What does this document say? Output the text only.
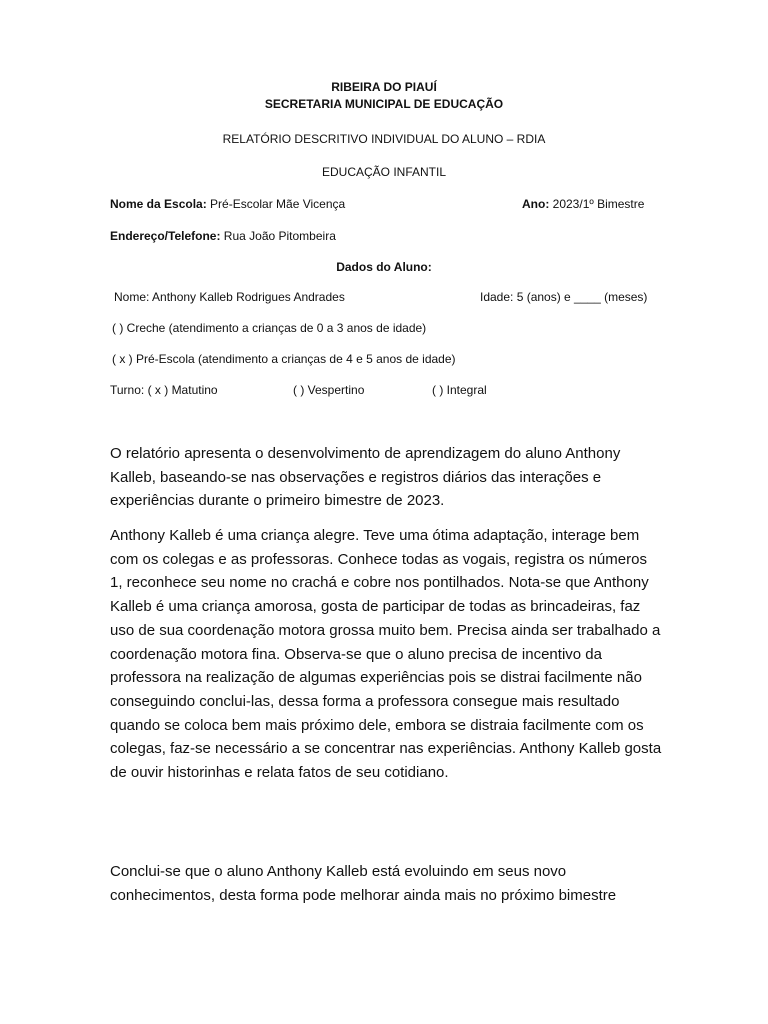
RIBEIRA DO PIAUÍ
SECRETARIA MUNICIPAL DE EDUCAÇÃO
RELATÓRIO DESCRITIVO INDIVIDUAL DO ALUNO – RDIA
EDUCAÇÃO INFANTIL
Nome da Escola: Pré-Escolar Mãe Vicença	Ano: 2023/1º Bimestre
Endereço/Telefone: Rua João Pitombeira
Dados do Aluno:
Nome: Anthony Kalleb Rodrigues Andrades	Idade: 5 (anos) e ____ (meses)
( ) Creche (atendimento a crianças de 0 a 3 anos de idade)
( x ) Pré-Escola (atendimento a crianças de 4 e 5 anos de idade)
Turno: ( x ) Matutino	( ) Vespertino	( ) Integral

O relatório apresenta o desenvolvimento de aprendizagem do aluno Anthony Kalleb, baseando-se nas observações e registros diários das interações e experiências durante o primeiro bimestre de 2023.

Anthony Kalleb é uma criança alegre. Teve uma ótima adaptação, interage bem com os colegas e as professoras. Conhece todas as vogais, registra os números 1, reconhece seu nome no crachá e cobre nos pontilhados. Nota-se que Anthony Kalleb é uma criança amorosa, gosta de participar de todas as brincadeiras, faz uso de sua coordenação motora grossa muito bem. Precisa ainda ser trabalhado a coordenação motora fina. Observa-se que o aluno precisa de incentivo da professora na realização de algumas experiências pois se distrai facilmente não conseguindo conclui-las, dessa forma a professora consegue mais resultado quando se coloca bem mais próximo dele, embora se distraia facilmente com os colegas, faz-se necessário a se concentrar nas experiências. Anthony Kalleb gosta de ouvir historinhas e relata fatos de seu cotidiano.

Conclui-se que o aluno Anthony Kalleb está evoluindo em seus novo conhecimentos, desta forma pode melhorar ainda mais no próximo bimestre
